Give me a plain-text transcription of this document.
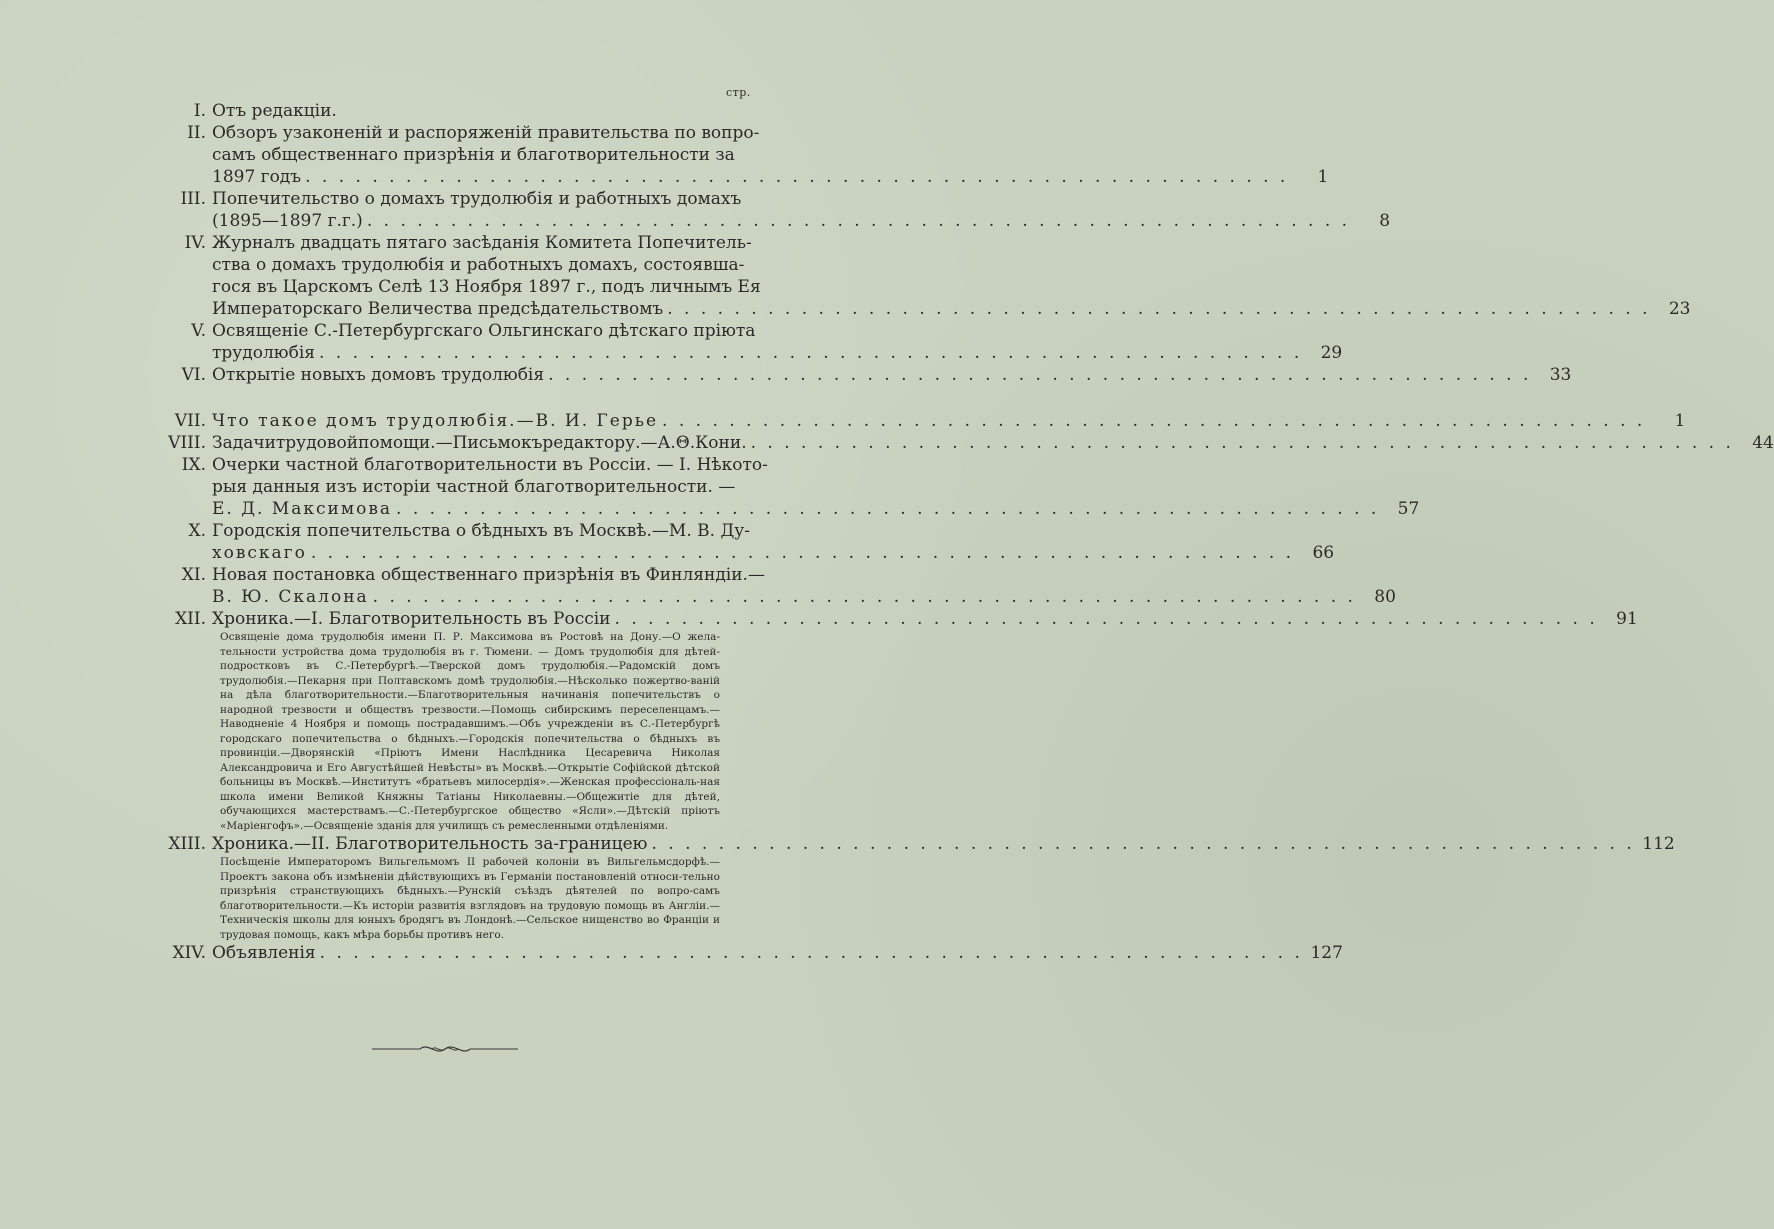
стр.
I. Отъ редакціи.
II. Обзоръ узаконеній и распоряженій правительства по вопро-
самъ общественнаго призрѣнія и благотворительности за
1897 годъ . . .	1
III. Попечительство о домахъ трудолюбія и работныхъ домахъ
(1895—1897 г.г.) . . .	8
IV. Журналъ двадцать пятаго засѣданія Комитета Попечитель-
ства о домахъ трудолюбія и работныхъ домахъ, состоявша-
гося въ Царскомъ Селѣ 13 Ноября 1897 г., подъ личнымъ Ея
Императорскаго Величества предсѣдательствомъ . . .	23
V. Освященіе С.-Петербургскаго Ольгинскаго дѣтскаго пріюта
трудолюбія . . .	29
VI. Открытіе новыхъ домовъ трудолюбія . . .	33
VII. Что такое домъ трудолюбія.—В. И. Герье . . .	1
VIII. Задачитрудовойпомощи.—Письмокъредактору.—А.Θ.Кони. . . .	44
IX. Очерки частной благотворительности въ Россіи. — I. Нѣкото-
рыя данныя изъ исторіи частной благотворительности. —
Е. Д. Максимова . . .	57
X. Городскія попечительства о бѣдныхъ въ Москвѣ.—М. В. Ду-
ховскаго . . .	66
XI. Новая постановка общественнаго призрѣнія въ Финляндіи.—
В. Ю. Скалона . . .	80
XII. Хроника.—I. Благотворительность въ Россіи . . .	91
Освященіе дома трудолюбія имени П. Р. Максимова въ Ростовѣ на Дону.—О жела-тельности устройства дома трудолюбія въ г. Тюмени. — Домъ трудолюбія для дѣтей-подростковъ въ С.-Петербургѣ.—Тверской домъ трудолюбія.—Радомскій домъ трудолюбія.—Пекарня при Полтавскомъ домѣ трудолюбія.—Нѣсколько пожертво-ваній на дѣла благотворительности.—Благотворительныя начинанія попечительствъ о народной трезвости и обществъ трезвости.—Помощь сибирскимъ переселенцамъ.—Наводненіе 4 Ноября и помощь пострадавшимъ.—Объ учрежденіи въ С.-Петербургѣ городскаго попечительства о бѣдныхъ.—Городскія попечительства о бѣдныхъ въ провинціи.—Дворянскій «Пріютъ Имени Наслѣдника Цесаревича Николая Александровича и Его Августѣйшей Невѣсты» въ Москвѣ.—Открытіе Софійской дѣтской больницы въ Москвѣ.—Институтъ «братьевъ милосердія».—Женская профессіональ-ная школа имени Великой Княжны Татіаны Николаевны.—Общежитіе для дѣтей, обучающихся мастерствамъ.—С.-Петербургское общество «Ясли».—Дѣтскій пріютъ «Маріенгофъ».—Освященіе зданія для училищъ съ ремесленными отдѣленіями.
XIII. Хроника.—II. Благотворительность за-границею . . .	112
Посѣщеніе Императоромъ Вильгельмомъ II рабочей колоніи въ Вильгельмсдорфѣ.—Проектъ закона объ измѣненіи дѣйствующихъ въ Германіи постановленій относи-тельно призрѣнія странствующихъ бѣдныхъ.—Рунскій съѣздъ дѣятелей по вопро-самъ благотворительности.—Къ исторіи развитія взглядовъ на трудовую помощь въ Англіи.—Техническія школы для юныхъ бродягъ въ Лондонѣ.—Сельское нищенство во Франціи и трудовая помощь, какъ мѣра борьбы противъ него.
XIV. Объявленія . . .	127
